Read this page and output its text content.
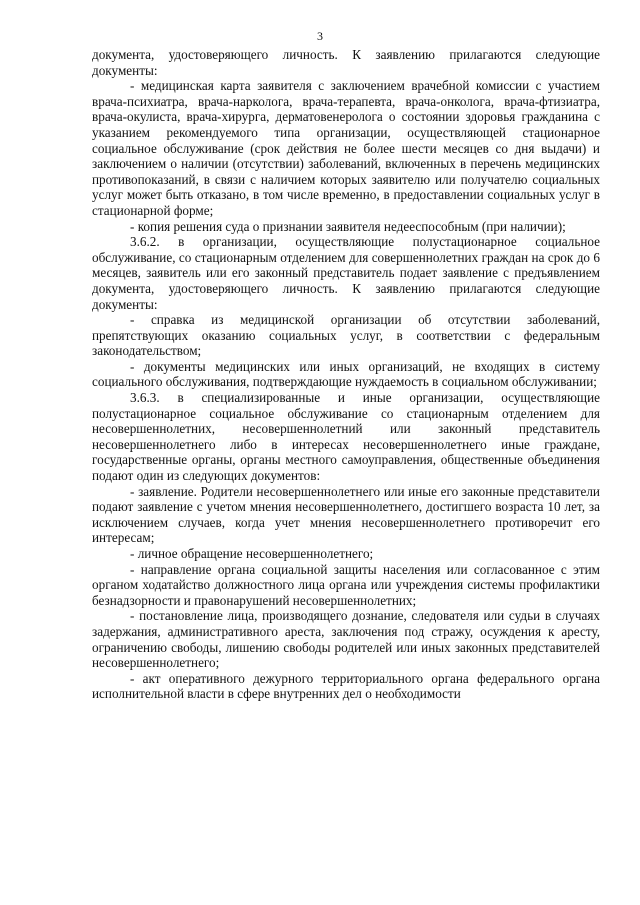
3

документа, удостоверяющего личность. К заявлению прилагаются следующие документы:

- медицинская карта заявителя с заключением врачебной комиссии с участием врача-психиатра, врача-нарколога, врача-терапевта, врача-онколога, врача-фтизиатра, врача-окулиста, врача-хирурга, дерматовенеролога о состоянии здоровья гражданина с указанием рекомендуемого типа организации, осуществляющей стационарное социальное обслуживание (срок действия не более шести месяцев со дня выдачи) и заключением о наличии (отсутствии) заболеваний, включенных в перечень медицинских противопоказаний, в связи с наличием которых заявителю или получателю социальных услуг может быть отказано, в том числе временно, в предоставлении социальных услуг в стационарной форме;

- копия решения суда о признании заявителя недееспособным (при наличии);

3.6.2. в организации, осуществляющие полустационарное социальное обслуживание, со стационарным отделением для совершеннолетних граждан на срок до 6 месяцев, заявитель или его законный представитель подает заявление с предъявлением документа, удостоверяющего личность. К заявлению прилагаются следующие документы:

- справка из медицинской организации об отсутствии заболеваний, препятствующих оказанию социальных услуг, в соответствии с федеральным законодательством;

- документы медицинских или иных организаций, не входящих в систему социального обслуживания, подтверждающие нуждаемость в социальном обслуживании;

3.6.3. в специализированные и иные организации, осуществляющие полустационарное социальное обслуживание со стационарным отделением для несовершеннолетних, несовершеннолетний или законный представитель несовершеннолетнего либо в интересах несовершеннолетнего иные граждане, государственные органы, органы местного самоуправления, общественные объединения подают один из следующих документов:

- заявление. Родители несовершеннолетнего или иные его законные представители подают заявление с учетом мнения несовершеннолетнего, достигшего возраста 10 лет, за исключением случаев, когда учет мнения несовершеннолетнего противоречит его интересам;

- личное обращение несовершеннолетнего;

- направление органа социальной защиты населения или согласованное с этим органом ходатайство должностного лица органа или учреждения системы профилактики безнадзорности и правонарушений несовершеннолетних;

- постановление лица, производящего дознание, следователя или судьи в случаях задержания, административного ареста, заключения под стражу, осуждения к аресту, ограничению свободы, лишению свободы родителей или иных законных представителей несовершеннолетнего;

- акт оперативного дежурного территориального органа федерального органа исполнительной власти в сфере внутренних дел о необходимости
